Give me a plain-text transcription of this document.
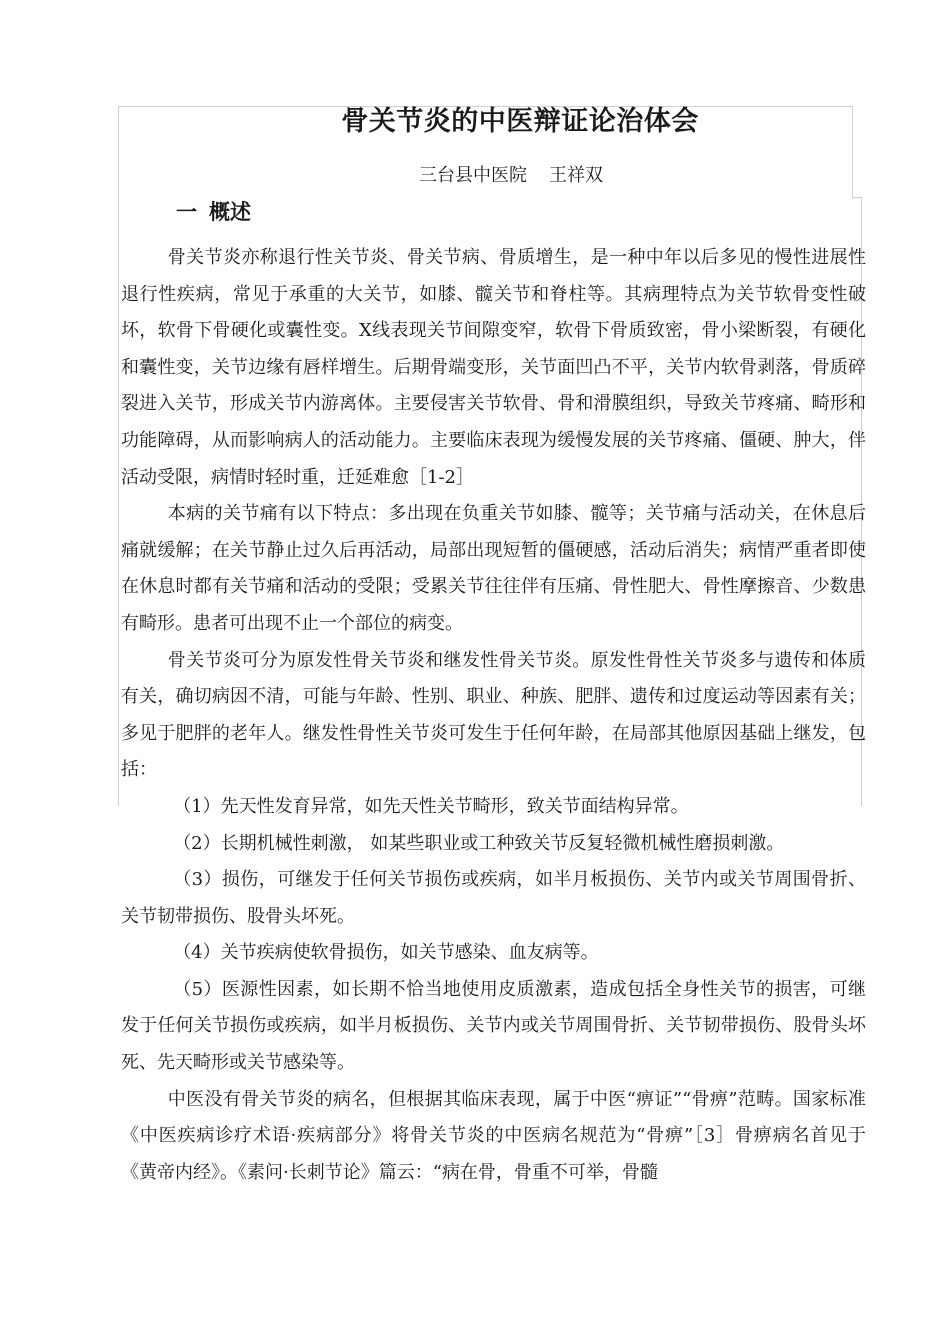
骨关节炎的中医辩证论治体会
三台县中医院 王祥双
一 概述

骨关节炎亦称退行性关节炎、骨关节病、骨质增生，是一种中年以后多见的慢性进展性退行性疾病，常见于承重的大关节，如膝、髋关节和脊柱等。其病理特点为关节软骨变性破坏，软骨下骨硬化或囊性变。X线表现关节间隙变窄，软骨下骨质致密，骨小梁断裂，有硬化和囊性变，关节边缘有唇样增生。后期骨端变形，关节面凹凸不平，关节内软骨剥落，骨质碎裂进入关节，形成关节内游离体。主要侵害关节软骨、骨和滑膜组织，导致关节疼痛、畸形和功能障碍，从而影响病人的活动能力。主要临床表现为缓慢发展的关节疼痛、僵硬、肿大，伴活动受限，病情时轻时重，迁延难愈［1-2］

本病的关节痛有以下特点：多出现在负重关节如膝、髋等；关节痛与活动关，在休息后痛就缓解；在关节静止过久后再活动，局部出现短暂的僵硬感，活动后消失；病情严重者即使在休息时都有关节痛和活动的受限；受累关节往往伴有压痛、骨性肥大、骨性摩擦音、少数患有畸形。患者可出现不止一个部位的病变。

骨关节炎可分为原发性骨关节炎和继发性骨关节炎。原发性骨性关节炎多与遗传和体质有关，确切病因不清，可能与年龄、性别、职业、种族、肥胖、遗传和过度运动等因素有关；多见于肥胖的老年人。继发性骨性关节炎可发生于任何年龄，在局部其他原因基础上继发，包括：

（1）先天性发育异常，如先天性关节畸形，致关节面结构异常。

（2）长期机械性刺激， 如某些职业或工种致关节反复轻微机械性磨损刺激。

（3）损伤，可继发于任何关节损伤或疾病，如半月板损伤、关节内或关节周围骨折、关节韧带损伤、股骨头坏死。

（4）关节疾病使软骨损伤，如关节感染、血友病等。

（5）医源性因素，如长期不恰当地使用皮质激素，造成包括全身性关节的损害，可继发于任何关节损伤或疾病，如半月板损伤、关节内或关节周围骨折、关节韧带损伤、股骨头坏死、先天畸形或关节感染等。

中医没有骨关节炎的病名，但根据其临床表现，属于中医“痹证”“骨痹”范畴。国家标准《中医疾病诊疗术语·疾病部分》将骨关节炎的中医病名规范为“骨痹”［3］骨痹病名首见于《黄帝内经》。《素问·长刺节论》篇云：“病在骨，骨重不可举，骨髓
